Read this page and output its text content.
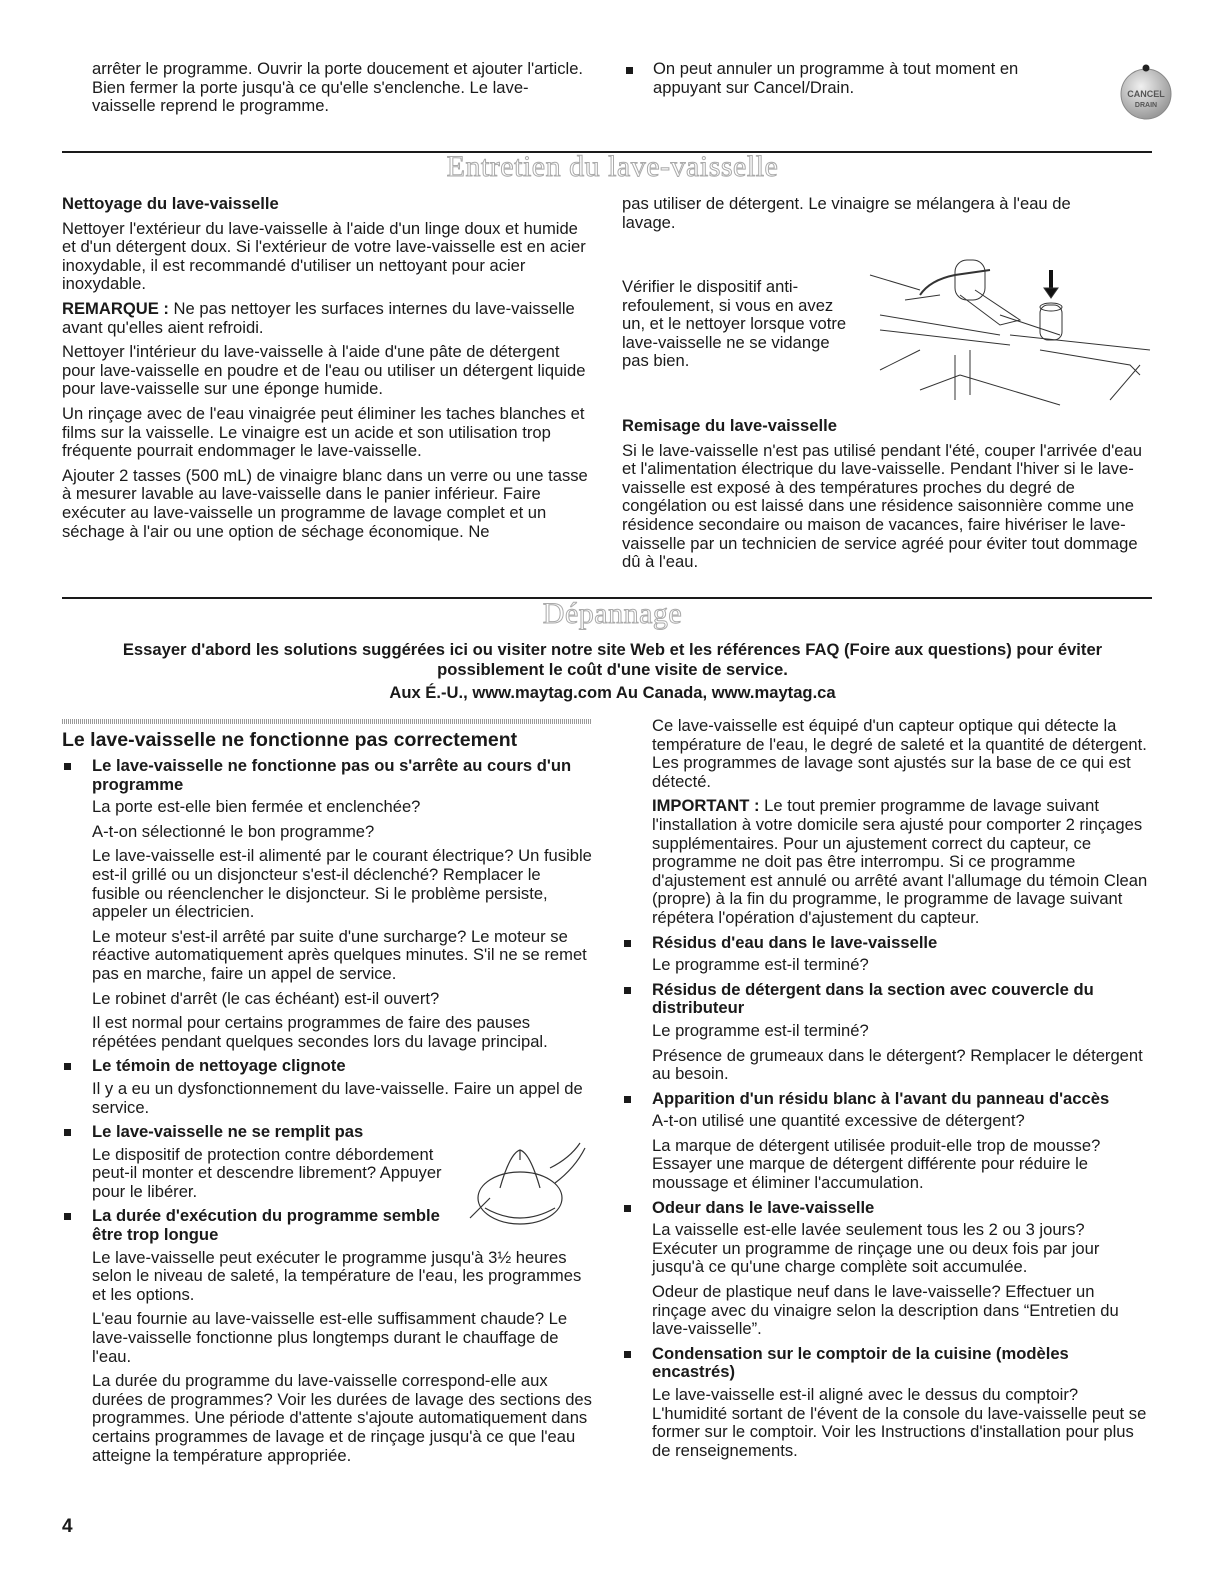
arrêter le programme. Ouvrir la porte doucement et ajouter l'article. Bien fermer la porte jusqu'à ce qu'elle s'enclenche. Le lave-vaisselle reprend le programme.

On peut annuler un programme à tout moment en appuyant sur Cancel/Drain.	CANCEL
DRAIN
Entretien du lave-vaisselle

Nettoyage du lave-vaisselle

Nettoyer l'extérieur du lave-vaisselle à l'aide d'un linge doux et humide et d'un détergent doux. Si l'extérieur de votre lave-vaisselle est en acier inoxydable, il est recommandé d'utiliser un nettoyant pour acier inoxydable.

REMARQUE : Ne pas nettoyer les surfaces internes du lave-vaisselle avant qu'elles aient refroidi.

Nettoyer l'intérieur du lave-vaisselle à l'aide d'une pâte de détergent pour lave-vaisselle en poudre et de l'eau ou utiliser un détergent liquide pour lave-vaisselle sur une éponge humide.

Un rinçage avec de l'eau vinaigrée peut éliminer les taches blanches et films sur la vaisselle. Le vinaigre est un acide et son utilisation trop fréquente pourrait endommager le lave-vaisselle.

Ajouter 2 tasses (500 mL) de vinaigre blanc dans un verre ou une tasse à mesurer lavable au lave-vaisselle dans le panier inférieur. Faire exécuter au lave-vaisselle un programme de lavage complet et un séchage à l'air ou une option de séchage économique. Ne

pas utiliser de détergent. Le vinaigre se mélangera à l'eau de lavage.

Vérifier le dispositif anti-refoulement, si vous en avez un, et le nettoyer lorsque votre lave-vaisselle ne se vidange pas bien.

Remisage du lave-vaisselle

Si le lave-vaisselle n'est pas utilisé pendant l'été, couper l'arrivée d'eau et l'alimentation électrique du lave-vaisselle. Pendant l'hiver si le lave-vaisselle est exposé à des températures proches du degré de congélation ou est laissé dans une résidence saisonnière comme une résidence secondaire ou maison de vacances, faire hivériser le lave-vaisselle par un technicien de service agréé pour éviter tout dommage dû à l'eau.

Dépannage

Essayer d'abord les solutions suggérées ici ou visiter notre site Web et les références FAQ (Foire aux questions) pour éviter

possiblement le coût d'une visite de service.

Aux É.-U., www.maytag.com Au Canada, www.maytag.ca

Le lave-vaisselle ne fonctionne pas correctement

Le lave-vaisselle ne fonctionne pas ou s'arrête au cours d'un programme

La porte est-elle bien fermée et enclenchée?

A-t-on sélectionné le bon programme?

Le lave-vaisselle est-il alimenté par le courant électrique? Un fusible est-il grillé ou un disjoncteur s'est-il déclenché? Remplacer le fusible ou réenclencher le disjoncteur. Si le problème persiste, appeler un électricien.

Le moteur s'est-il arrêté par suite d'une surcharge? Le moteur se réactive automatiquement après quelques minutes. S'il ne se remet pas en marche, faire un appel de service.

Le robinet d'arrêt (le cas échéant) est-il ouvert?

Il est normal pour certains programmes de faire des pauses répétées pendant quelques secondes lors du lavage principal.

Le témoin de nettoyage clignote

Il y a eu un dysfonctionnement du lave-vaisselle. Faire un appel de service.

Le lave-vaisselle ne se remplit pas

Le dispositif de protection contre débordement peut-il monter et descendre librement? Appuyer pour le libérer.

La durée d'exécution du programme semble être trop longue

Le lave-vaisselle peut exécuter le programme jusqu'à 3½ heures selon le niveau de saleté, la température de l'eau, les programmes et les options.

L'eau fournie au lave-vaisselle est-elle suffisamment chaude? Le lave-vaisselle fonctionne plus longtemps durant le chauffage de l'eau.

La durée du programme du lave-vaisselle correspond-elle aux durées de programmes? Voir les durées de lavage des sections des programmes. Une période d'attente s'ajoute automatiquement dans certains programmes de lavage et de rinçage jusqu'à ce que l'eau atteigne la température appropriée.

Ce lave-vaisselle est équipé d'un capteur optique qui détecte la température de l'eau, le degré de saleté et la quantité de détergent. Les programmes de lavage sont ajustés sur la base de ce qui est détecté.

IMPORTANT : Le tout premier programme de lavage suivant l'installation à votre domicile sera ajusté pour comporter 2 rinçages supplémentaires. Pour un ajustement correct du capteur, ce programme ne doit pas être interrompu. Si ce programme d'ajustement est annulé ou arrêté avant l'allumage du témoin Clean (propre) à la fin du programme, le programme de lavage suivant répétera l'opération d'ajustement du capteur.

Résidus d'eau dans le lave-vaisselle

Le programme est-il terminé?

Résidus de détergent dans la section avec couvercle du distributeur

Le programme est-il terminé?

Présence de grumeaux dans le détergent? Remplacer le détergent au besoin.

Apparition d'un résidu blanc à l'avant du panneau d'accès

A-t-on utilisé une quantité excessive de détergent?

La marque de détergent utilisée produit-elle trop de mousse? Essayer une marque de détergent différente pour réduire le moussage et éliminer l'accumulation.

Odeur dans le lave-vaisselle

La vaisselle est-elle lavée seulement tous les 2 ou 3 jours? Exécuter un programme de rinçage une ou deux fois par jour jusqu'à ce qu'une charge complète soit accumulée.

Odeur de plastique neuf dans le lave-vaisselle? Effectuer un rinçage avec du vinaigre selon la description dans “Entretien du lave-vaisselle”.

Condensation sur le comptoir de la cuisine (modèles encastrés)

Le lave-vaisselle est-il aligné avec le dessus du comptoir? L'humidité sortant de l'évent de la console du lave-vaisselle peut se former sur le comptoir. Voir les Instructions d'installation pour plus de renseignements.

4
